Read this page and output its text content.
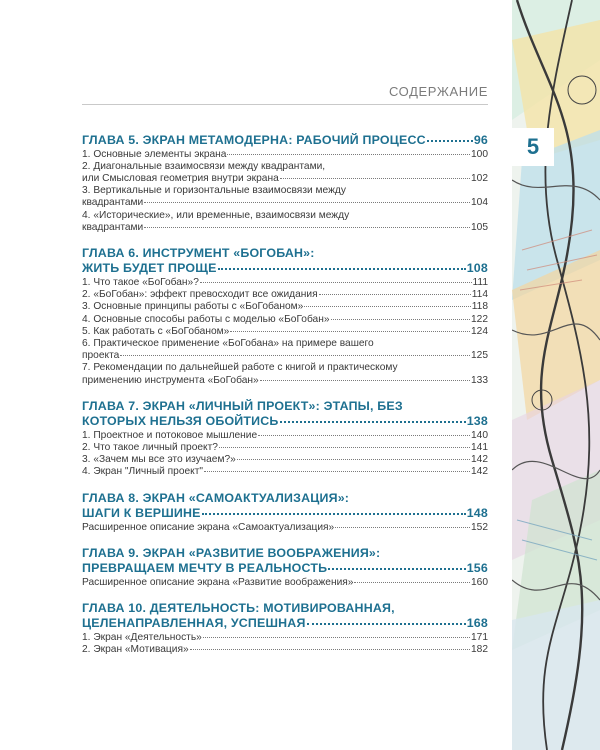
5
СОДЕРЖАНИЕ
ГЛАВА 5. ЭКРАН МЕТАМОДЕРНА: РАБОЧИЙ ПРОЦЕСС	96
1. Основные элементы экрана	100
2. Диагональные взаимосвязи между квадрантами,
или Смысловая геометрия внутри экрана	102
3. Вертикальные и горизонтальные взаимосвязи между
квадрантами	104
4. «Исторические», или временные, взаимосвязи между
квадрантами	105
ГЛАВА 6. ИНСТРУМЕНТ «БОГОБАН»:
ЖИТЬ БУДЕТ ПРОЩЕ	108
1. Что такое «БоГобан»?	111
2. «БоГобан»: эффект превосходит все ожидания	114
3. Основные принципы работы с «БоГобаном»	118
4. Основные способы работы с моделью «БоГобан»	122
5. Как работать с «БоГобаном»	124
6. Практическое применение «БоГобана» на примере вашего
проекта	125
7. Рекомендации по дальнейшей работе с книгой и практическому
применению инструмента «БоГобан»	133
ГЛАВА 7. ЭКРАН «ЛИЧНЫЙ ПРОЕКТ»: ЭТАПЫ, БЕЗ
КОТОРЫХ НЕЛЬЗЯ ОБОЙТИСЬ	138
1. Проектное и потоковое мышление	140
2. Что такое личный проект?	141
3. «Зачем мы все это изучаем?»	142
4. Экран "Личный проект"	142
ГЛАВА 8. ЭКРАН «САМОАКТУАЛИЗАЦИЯ»:
ШАГИ К ВЕРШИНЕ	148
Расширенное описание экрана «Самоактуализация»	152
ГЛАВА 9. ЭКРАН «РАЗВИТИЕ ВООБРАЖЕНИЯ»:
ПРЕВРАЩАЕМ МЕЧТУ В РЕАЛЬНОСТЬ	156
Расширенное описание экрана «Развитие воображения»	160
ГЛАВА 10. ДЕЯТЕЛЬНОСТЬ: МОТИВИРОВАННАЯ,
ЦЕЛЕНАПРАВЛЕННАЯ, УСПЕШНАЯ	168
1. Экран «Деятельность»	171
2. Экран «Мотивация»	182
